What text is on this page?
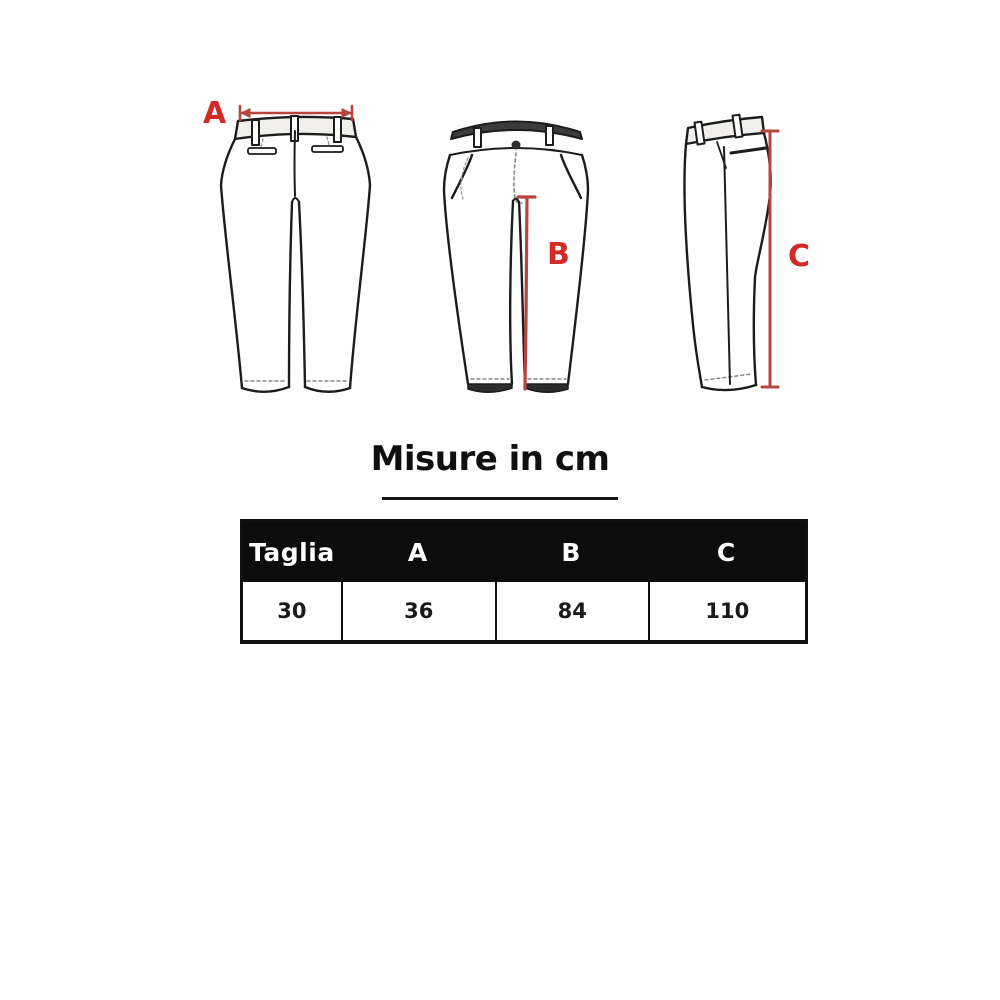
A
B	C
Misure in cm
Taglia	A	B	C
30	36	84	110
